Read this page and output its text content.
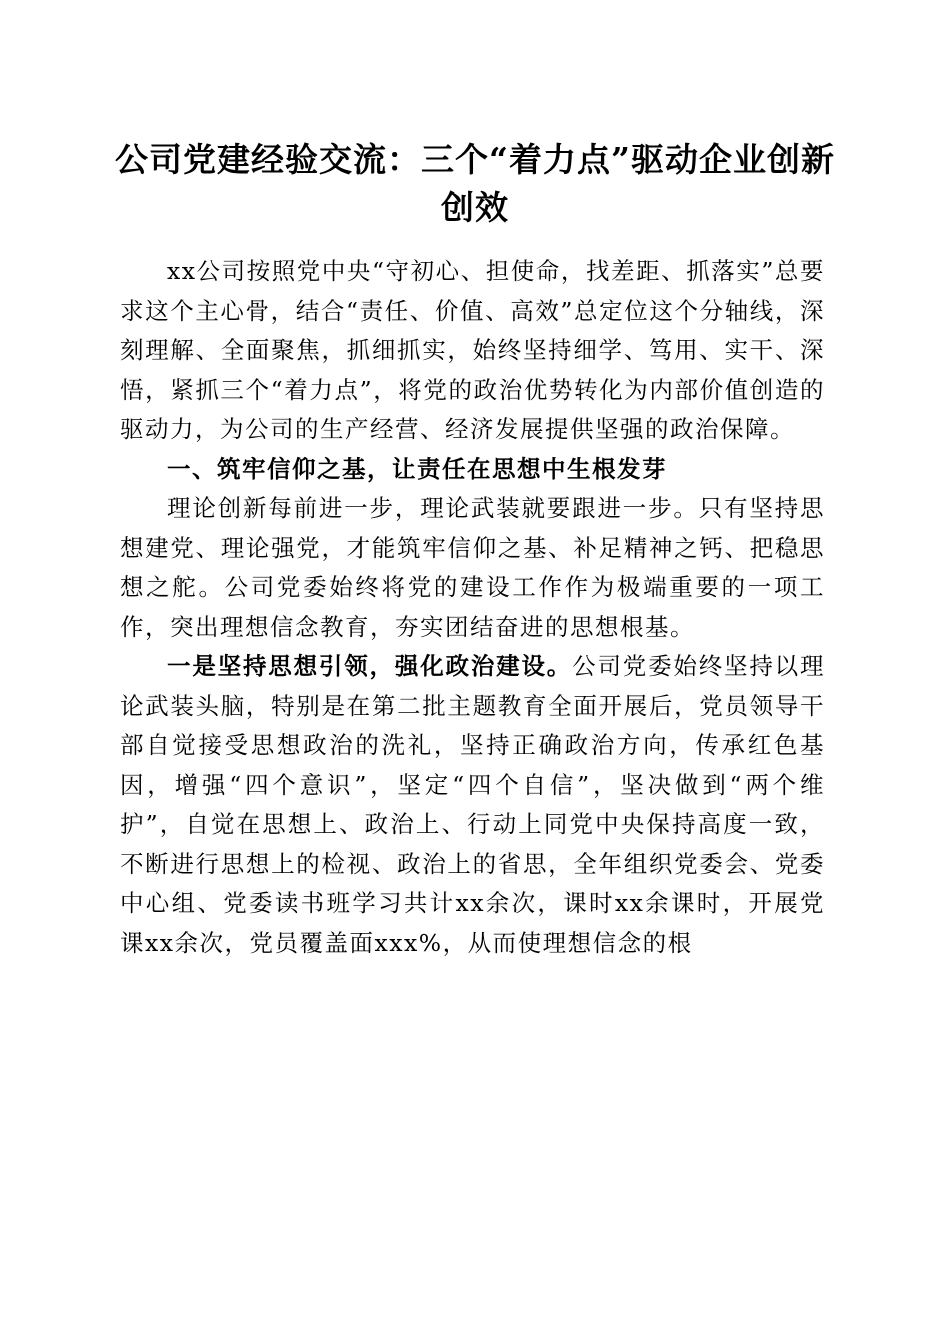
公司党建经验交流：三个“着力点”驱动企业创新创效

xx公司按照党中央“守初心、担使命，找差距、抓落实”总要求这个主心骨，结合“责任、价值、高效”总定位这个分轴线，深刻理解、全面聚焦，抓细抓实，始终坚持细学、笃用、实干、深悟，紧抓三个“着力点”，将党的政治优势转化为内部价值创造的驱动力，为公司的生产经营、经济发展提供坚强的政治保障。

一、筑牢信仰之基，让责任在思想中生根发芽

理论创新每前进一步，理论武装就要跟进一步。只有坚持思想建党、理论强党，才能筑牢信仰之基、补足精神之钙、把稳思想之舵。公司党委始终将党的建设工作作为极端重要的一项工作，突出理想信念教育，夯实团结奋进的思想根基。

一是坚持思想引领，强化政治建设。公司党委始终坚持以理论武装头脑，特别是在第二批主题教育全面开展后，党员领导干部自觉接受思想政治的洗礼，坚持正确政治方向，传承红色基因，增强“四个意识”，坚定“四个自信”，坚决做到“两个维护”，自觉在思想上、政治上、行动上同党中央保持高度一致，不断进行思想上的检视、政治上的省思，全年组织党委会、党委中心组、党委读书班学习共计xx余次，课时xx余课时，开展党课xx余次，党员覆盖面xxx%，从而使理想信念的根
